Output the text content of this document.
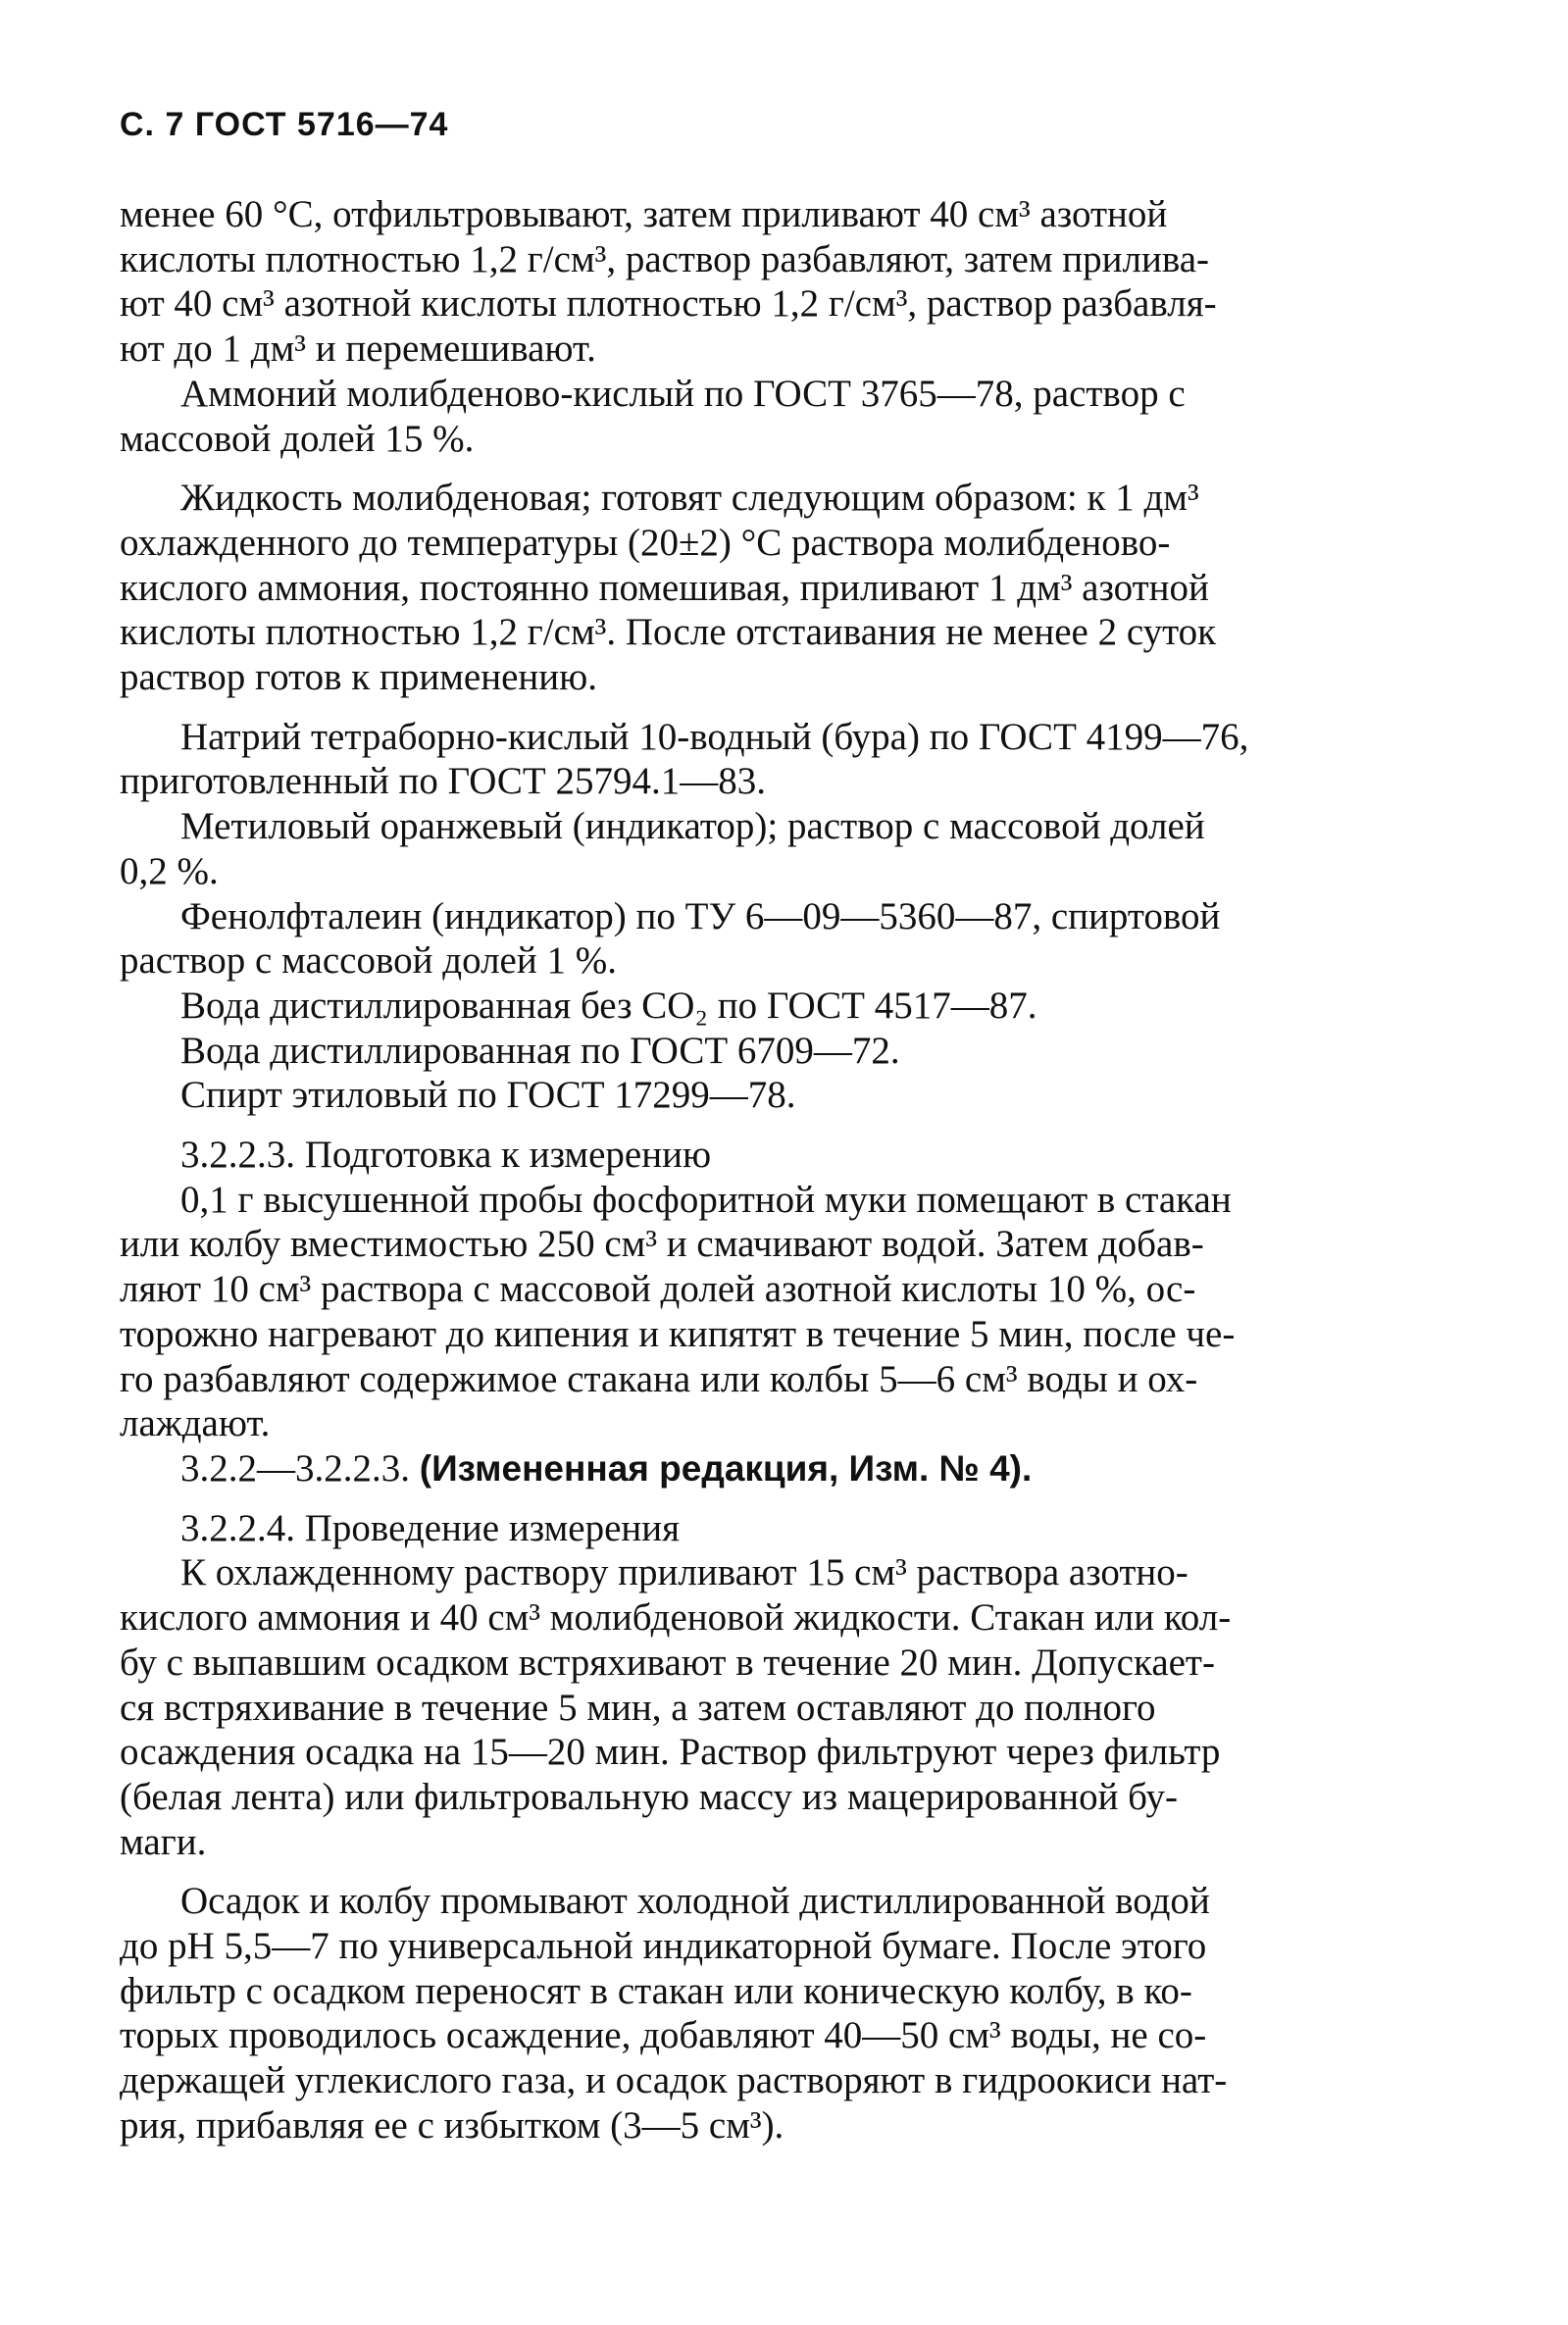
С. 7 ГОСТ 5716—74
менее 60 °С, отфильтровывают, затем приливают 40 см³ азотной
кислоты плотностью 1,2 г/см³, раствор разбавляют, затем прилива-
ют 40 см³ азотной кислоты плотностью 1,2 г/см³, раствор разбавля-
ют до 1 дм³ и перемешивают.
Аммоний молибденово-кислый по ГОСТ 3765—78, раствор с
массовой долей 15 %.
Жидкость молибденовая; готовят следующим образом: к 1 дм³
охлажденного до температуры (20±2) °С раствора молибденово-
кислого аммония, постоянно помешивая, приливают 1 дм³ азотной
кислоты плотностью 1,2 г/см³. После отстаивания не менее 2 суток
раствор готов к применению.
Натрий тетраборно-кислый 10-водный (бура) по ГОСТ 4199—76,
приготовленный по ГОСТ 25794.1—83.
Метиловый оранжевый (индикатор); раствор с массовой долей
0,2 %.
Фенолфталеин (индикатор) по ТУ 6—09—5360—87, спиртовой
раствор с массовой долей 1 %.
Вода дистиллированная без СО₂ по ГОСТ 4517—87.
Вода дистиллированная по ГОСТ 6709—72.
Спирт этиловый по ГОСТ 17299—78.
3.2.2.3. Подготовка к измерению
0,1 г высушенной пробы фосфоритной муки помещают в стакан
или колбу вместимостью 250 см³ и смачивают водой. Затем добав-
ляют 10 см³ раствора с массовой долей азотной кислоты 10 %, ос-
торожно нагревают до кипения и кипятят в течение 5 мин, после че-
го разбавляют содержимое стакана или колбы 5—6 см³ воды и ох-
лаждают.
3.2.2—3.2.2.3. (Измененная редакция, Изм. № 4).
3.2.2.4. Проведение измерения
К охлажденному раствору приливают 15 см³ раствора азотно-
кислого аммония и 40 см³ молибденовой жидкости. Стакан или кол-
бу с выпавшим осадком встряхивают в течение 20 мин. Допускает-
ся встряхивание в течение 5 мин, а затем оставляют до полного
осаждения осадка на 15—20 мин. Раствор фильтруют через фильтр
(белая лента) или фильтровальную массу из мацерированной бу-
маги.
Осадок и колбу промывают холодной дистиллированной водой
до рН 5,5—7 по универсальной индикаторной бумаге. После этого
фильтр с осадком переносят в стакан или коническую колбу, в ко-
торых проводилось осаждение, добавляют 40—50 см³ воды, не со-
держащей углекислого газа, и осадок растворяют в гидроокиси нат-
рия, прибавляя ее с избытком (3—5 см³).
